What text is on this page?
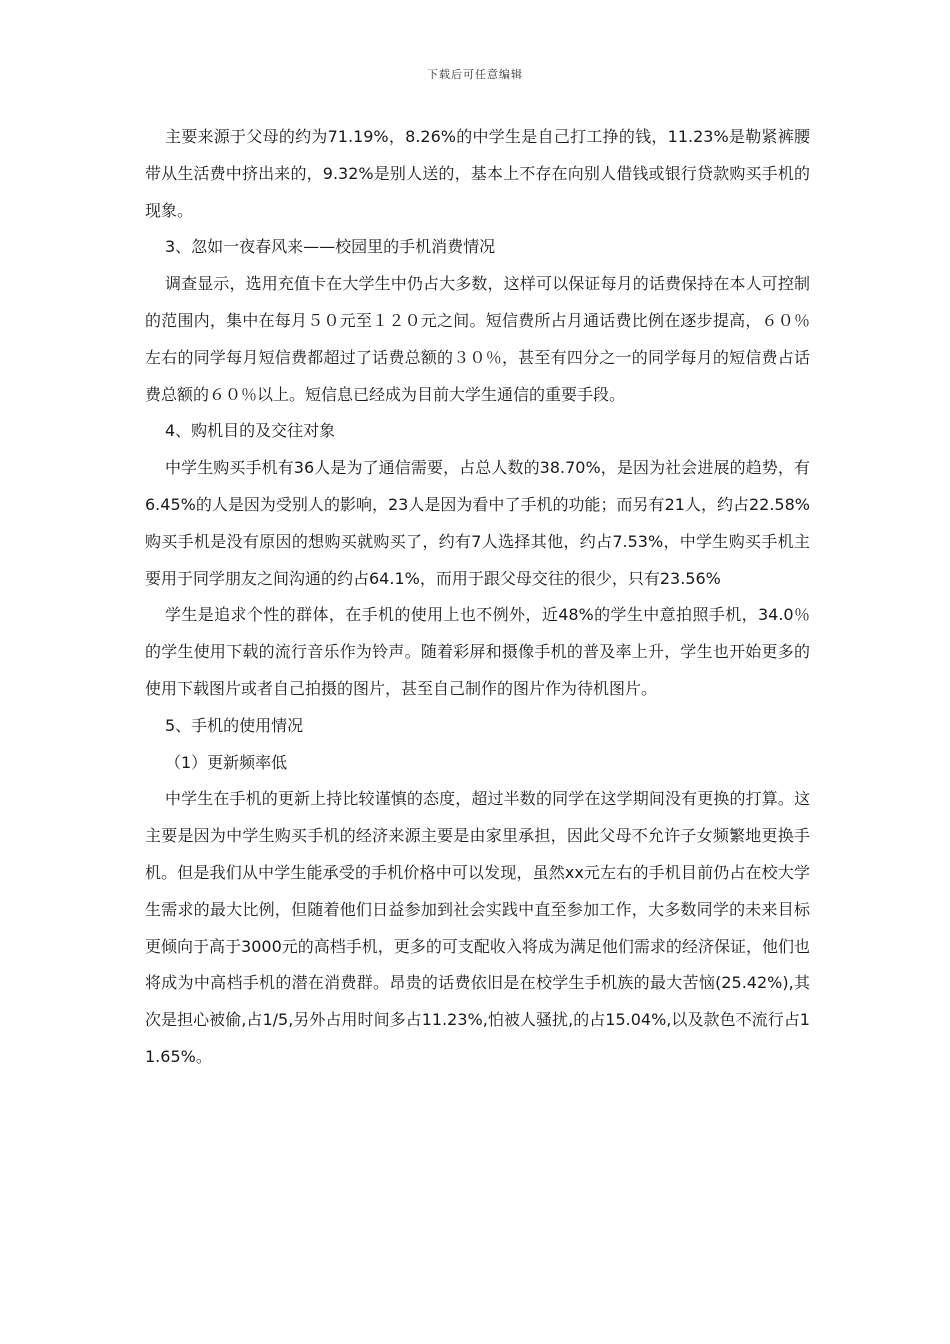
下载后可任意编辑

主要来源于父母的约为71.19%，8.26%的中学生是自己打工挣的钱，11.23%是勒紧裤腰带从生活费中挤出来的，9.32%是别人送的，基本上不存在向别人借钱或银行贷款购买手机的现象。

3、忽如一夜春风来——校园里的手机消费情况

调查显示，选用充值卡在大学生中仍占大多数，这样可以保证每月的话费保持在本人可控制的范围内，集中在每月５０元至１２０元之间。短信费所占月通话费比例在逐步提高，６０％左右的同学每月短信费都超过了话费总额的３０％，甚至有四分之一的同学每月的短信费占话费总额的６０％以上。短信息已经成为目前大学生通信的重要手段。

4、购机目的及交往对象

中学生购买手机有36人是为了通信需要，占总人数的38.70%，是因为社会进展的趋势，有6.45%的人是因为受别人的影响，23人是因为看中了手机的功能；而另有21人，约占22.58%购买手机是没有原因的想购买就购买了，约有7人选择其他，约占7.53%，中学生购买手机主要用于同学朋友之间沟通的约占64.1%，而用于跟父母交往的很少，只有23.56%

学生是追求个性的群体，在手机的使用上也不例外，近48%的学生中意拍照手机，34.0％的学生使用下载的流行音乐作为铃声。随着彩屏和摄像手机的普及率上升，学生也开始更多的使用下载图片或者自己拍摄的图片，甚至自己制作的图片作为待机图片。

5、手机的使用情况

（1）更新频率低

中学生在手机的更新上持比较谨慎的态度，超过半数的同学在这学期间没有更换的打算。这主要是因为中学生购买手机的经济来源主要是由家里承担，因此父母不允许子女频繁地更换手机。但是我们从中学生能承受的手机价格中可以发现，虽然xx元左右的手机目前仍占在校大学生需求的最大比例，但随着他们日益参加到社会实践中直至参加工作，大多数同学的未来目标更倾向于高于3000元的高档手机，更多的可支配收入将成为满足他们需求的经济保证，他们也将成为中高档手机的潜在消费群。昂贵的话费依旧是在校学生手机族的最大苦恼(25.42%),其次是担心被偷,占1/5,另外占用时间多占11.23%,怕被人骚扰,的占15.04%,以及款色不流行占11.65%。
